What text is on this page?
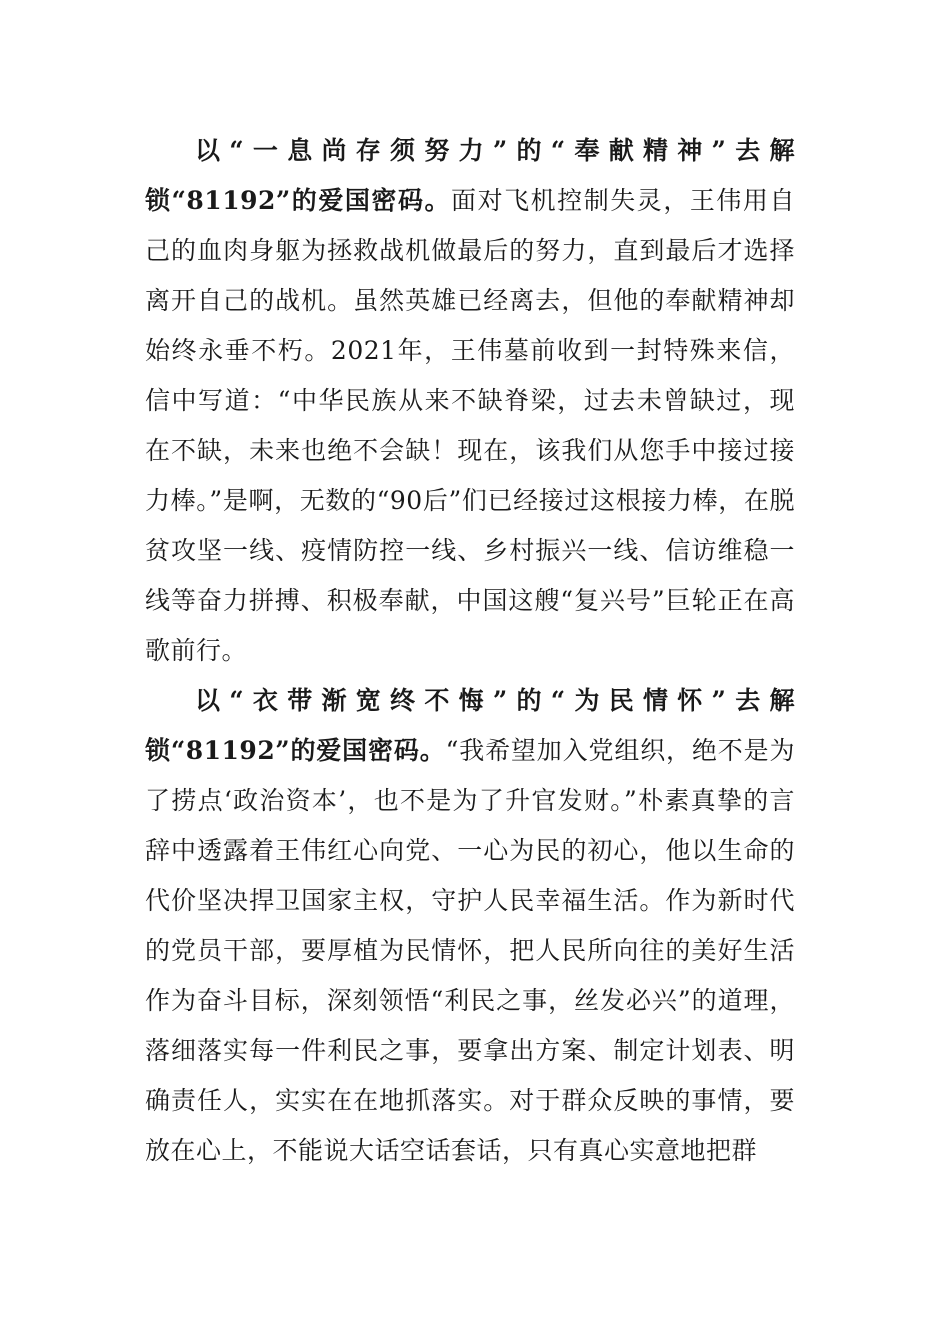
以“一息尚存须努力”的“奉献精神”去解锁“81192”的爱国密码。面对飞机控制失灵，王伟用自己的血肉身躯为拯救战机做最后的努力，直到最后才选择离开自己的战机。虽然英雄已经离去，但他的奉献精神却始终永垂不朽。2021年，王伟墓前收到一封特殊来信，信中写道：“中华民族从来不缺脊梁，过去未曾缺过，现在不缺，未来也绝不会缺！现在，该我们从您手中接过接力棒。”是啊，无数的“90后”们已经接过这根接力棒，在脱贫攻坚一线、疫情防控一线、乡村振兴一线、信访维稳一线等奋力拼搏、积极奉献，中国这艘“复兴号”巨轮正在高歌前行。

以“衣带渐宽终不悔”的“为民情怀”去解锁“81192”的爱国密码。“我希望加入党组织，绝不是为了捞点‘政治资本’，也不是为了升官发财。”朴素真挚的言辞中透露着王伟红心向党、一心为民的初心，他以生命的代价坚决捍卫国家主权，守护人民幸福生活。作为新时代的党员干部，要厚植为民情怀，把人民所向往的美好生活作为奋斗目标，深刻领悟“利民之事，丝发必兴”的道理，落细落实每一件利民之事，要拿出方案、制定计划表、明确责任人，实实在在地抓落实。对于群众反映的事情，要放在心上，不能说大话空话套话，只有真心实意地把群
